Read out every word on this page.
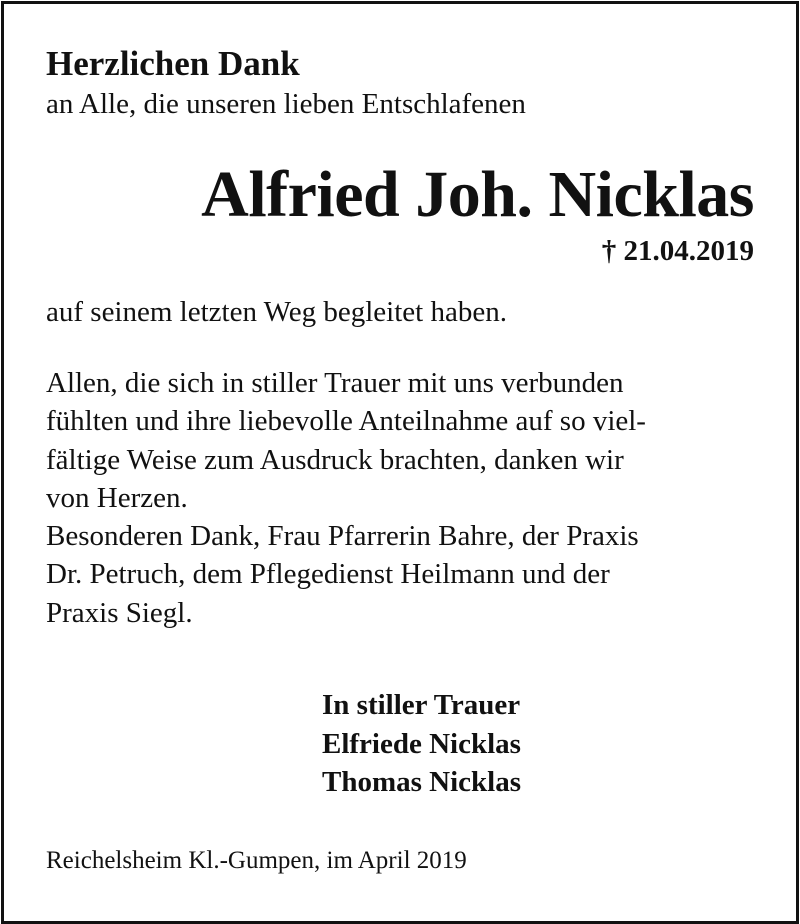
Herzlichen Dank
an Alle, die unseren lieben Entschlafenen
Alfried Joh. Nicklas
† 21.04.2019
auf seinem letzten Weg begleitet haben.
Allen, die sich in stiller Trauer mit uns verbunden
fühlten und ihre liebevolle Anteilnahme auf so viel-
fältige Weise zum Ausdruck brachten, danken wir
von Herzen.
Besonderen Dank, Frau Pfarrerin Bahre, der Praxis
Dr. Petruch, dem Pflegedienst Heilmann und der
Praxis Siegl.
In stiller Trauer
Elfriede Nicklas
Thomas Nicklas
Reichelsheim Kl.-Gumpen, im April 2019
